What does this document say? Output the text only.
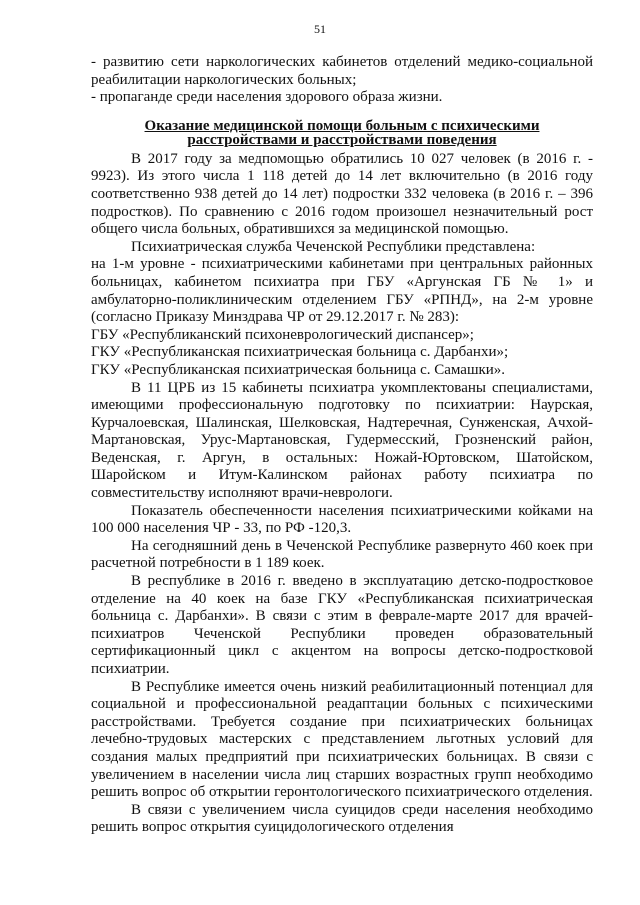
51

- развитию сети наркологических кабинетов отделений медико-социальной реабилитации наркологических больных;

- пропаганде среди населения здорового образа жизни.

Оказание медицинской помощи больным с психическими расстройствами и расстройствами поведения

В 2017 году за медпомощью обратились 10 027 человек (в 2016 г. - 9923). Из этого числа 1 118 детей до 14 лет включительно (в 2016 году соответственно 938 детей до 14 лет) подростки 332 человека (в 2016 г. – 396 подростков). По сравнению с 2016 годом произошел незначительный рост общего числа больных, обратившихся за медицинской помощью.

Психиатрическая служба Чеченской Республики представлена:

на 1-м уровне - психиатрическими кабинетами при центральных районных больницах, кабинетом психиатра при ГБУ «Аргунская ГБ № 1» и амбулаторно-поликлиническим отделением ГБУ «РПНД», на 2-м уровне (согласно Приказу Минздрава ЧР от 29.12.2017 г. № 283):

ГБУ «Республиканский психоневрологический диспансер»;

ГКУ «Республиканская психиатрическая больница с. Дарбанхи»;

ГКУ «Республиканская психиатрическая больница с. Самашки».

В 11 ЦРБ из 15 кабинеты психиатра укомплектованы специалистами, имеющими профессиональную подготовку по психиатрии: Наурская, Курчалоевская, Шалинская, Шелковская, Надтеречная, Сунженская, Ачхой-Мартановская, Урус-Мартановская, Гудермесский, Грозненский район, Веденская, г. Аргун, в остальных: Ножай-Юртовском, Шатойском, Шаройском и Итум-Калинском районах работу психиатра по совместительству исполняют врачи-неврологи.

Показатель обеспеченности населения психиатрическими койками на 100 000 населения ЧР - 33, по РФ -120,3.

На сегодняшний день в Чеченской Республике развернуто 460 коек при расчетной потребности в 1 189 коек.

В республике в 2016 г. введено в эксплуатацию детско-подростковое отделение на 40 коек на базе ГКУ «Республиканская психиатрическая больница с. Дарбанхи». В связи с этим в феврале-марте 2017 для врачей-психиатров Чеченской Республики проведен образовательный сертификационный цикл с акцентом на вопросы детско-подростковой психиатрии.

В Республике имеется очень низкий реабилитационный потенциал для социальной и профессиональной реадаптации больных с психическими расстройствами. Требуется создание при психиатрических больницах лечебно-трудовых мастерских с представлением льготных условий для создания малых предприятий при психиатрических больницах. В связи с увеличением в населении числа лиц старших возрастных групп необходимо решить вопрос об открытии геронтологического психиатрического отделения.

В связи с увеличением числа суицидов среди населения необходимо решить вопрос открытия суицидологического отделения
